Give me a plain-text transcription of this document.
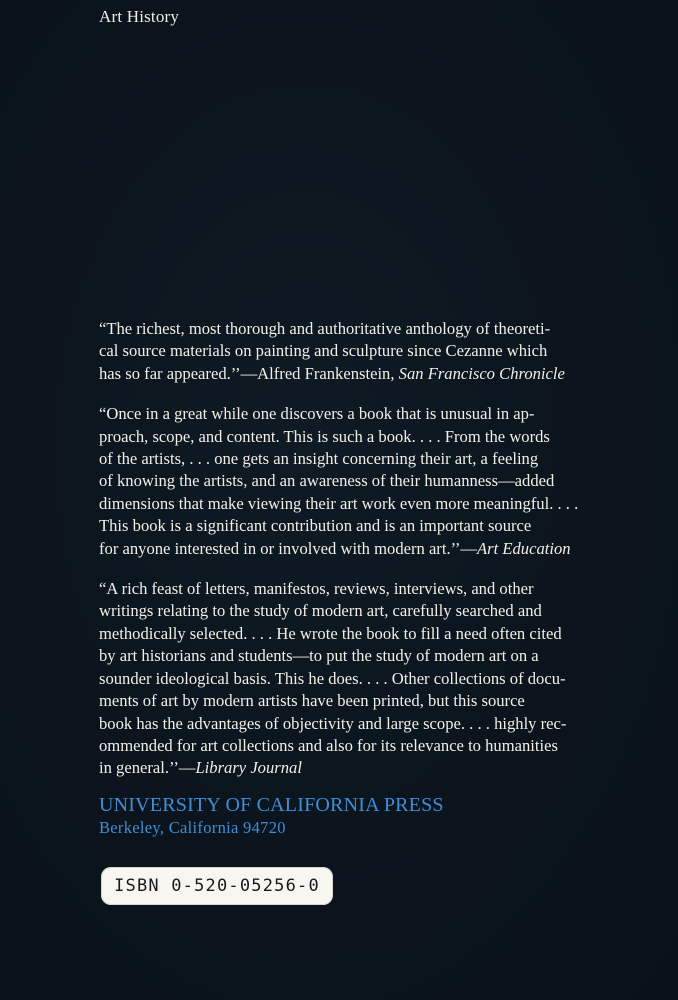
Art History

“The richest, most thorough and authoritative anthology of theoreti-
cal source materials on painting and sculpture since Cezanne which
has so far appeared.’’—Alfred Frankenstein, San Francisco Chronicle

“Once in a great while one discovers a book that is unusual in ap-
proach, scope, and content. This is such a book. . . . From the words
of the artists, . . . one gets an insight concerning their art, a feeling
of knowing the artists, and an awareness of their humanness—added
dimensions that make viewing their art work even more meaningful. . . .
This book is a significant contribution and is an important source
for anyone interested in or involved with modern art.’’—Art Education

“A rich feast of letters, manifestos, reviews, interviews, and other
writings relating to the study of modern art, carefully searched and
methodically selected. . . . He wrote the book to fill a need often cited
by art historians and students—to put the study of modern art on a
sounder ideological basis. This he does. . . . Other collections of docu-
ments of art by modern artists have been printed, but this source
book has the advantages of objectivity and large scope. . . . highly rec-
ommended for art collections and also for its relevance to humanities
in general.’’—Library Journal

UNIVERSITY OF CALIFORNIA PRESS
Berkeley, California 94720
ISBN 0-520-05256-0
